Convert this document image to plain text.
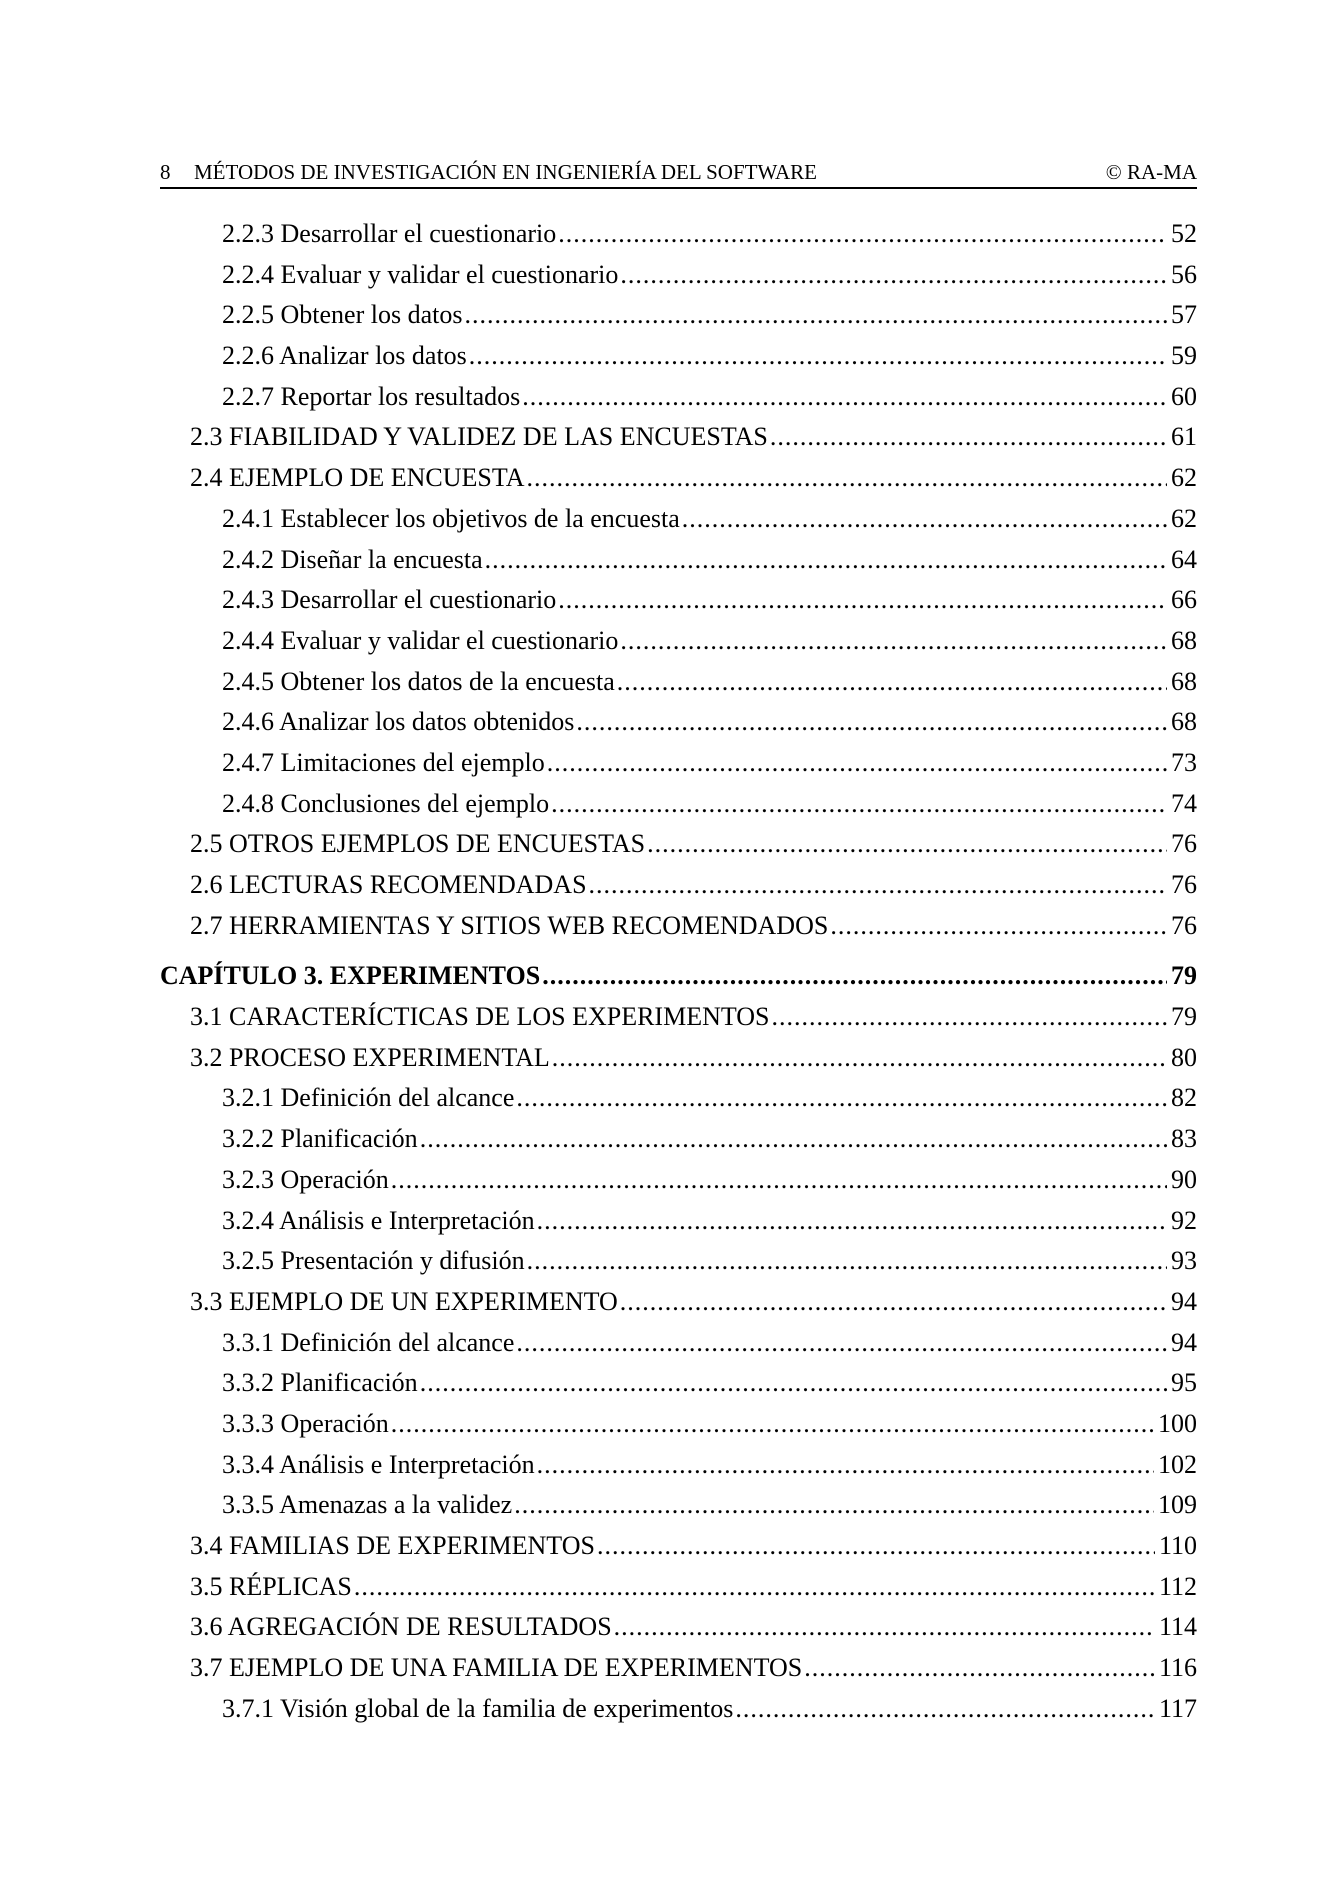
8 MÉTODOS DE INVESTIGACIÓN EN INGENIERÍA DEL SOFTWARE	© RA-MA
2.2.3 Desarrollar el cuestionario .....	52
2.2.4 Evaluar y validar el cuestionario .....	56
2.2.5 Obtener los datos .....	57
2.2.6 Analizar los datos .....	59
2.2.7 Reportar los resultados .....	60
2.3 FIABILIDAD Y VALIDEZ DE LAS ENCUESTAS .....	61
2.4 EJEMPLO DE ENCUESTA .....	62
2.4.1 Establecer los objetivos de la encuesta .....	62
2.4.2 Diseñar la encuesta .....	64
2.4.3 Desarrollar el cuestionario .....	66
2.4.4 Evaluar y validar el cuestionario .....	68
2.4.5 Obtener los datos de la encuesta .....	68
2.4.6 Analizar los datos obtenidos .....	68
2.4.7 Limitaciones del ejemplo .....	73
2.4.8 Conclusiones del ejemplo .....	74
2.5 OTROS EJEMPLOS DE ENCUESTAS .....	76
2.6 LECTURAS RECOMENDADAS .....	76
2.7 HERRAMIENTAS Y SITIOS WEB RECOMENDADOS .....	76
CAPÍTULO 3. EXPERIMENTOS .....	79
3.1 CARACTERÍCTICAS DE LOS EXPERIMENTOS .....	79
3.2 PROCESO EXPERIMENTAL .....	80
3.2.1 Definición del alcance .....	82
3.2.2 Planificación .....	83
3.2.3 Operación .....	90
3.2.4 Análisis e Interpretación .....	92
3.2.5 Presentación y difusión .....	93
3.3 EJEMPLO DE UN EXPERIMENTO .....	94
3.3.1 Definición del alcance .....	94
3.3.2 Planificación .....	95
3.3.3 Operación .....	100
3.3.4 Análisis e Interpretación .....	102
3.3.5 Amenazas a la validez .....	109
3.4 FAMILIAS DE EXPERIMENTOS .....	110
3.5 RÉPLICAS .....	112
3.6 AGREGACIÓN DE RESULTADOS .....	114
3.7 EJEMPLO DE UNA FAMILIA DE EXPERIMENTOS .....	116
3.7.1 Visión global de la familia de experimentos .....	117
